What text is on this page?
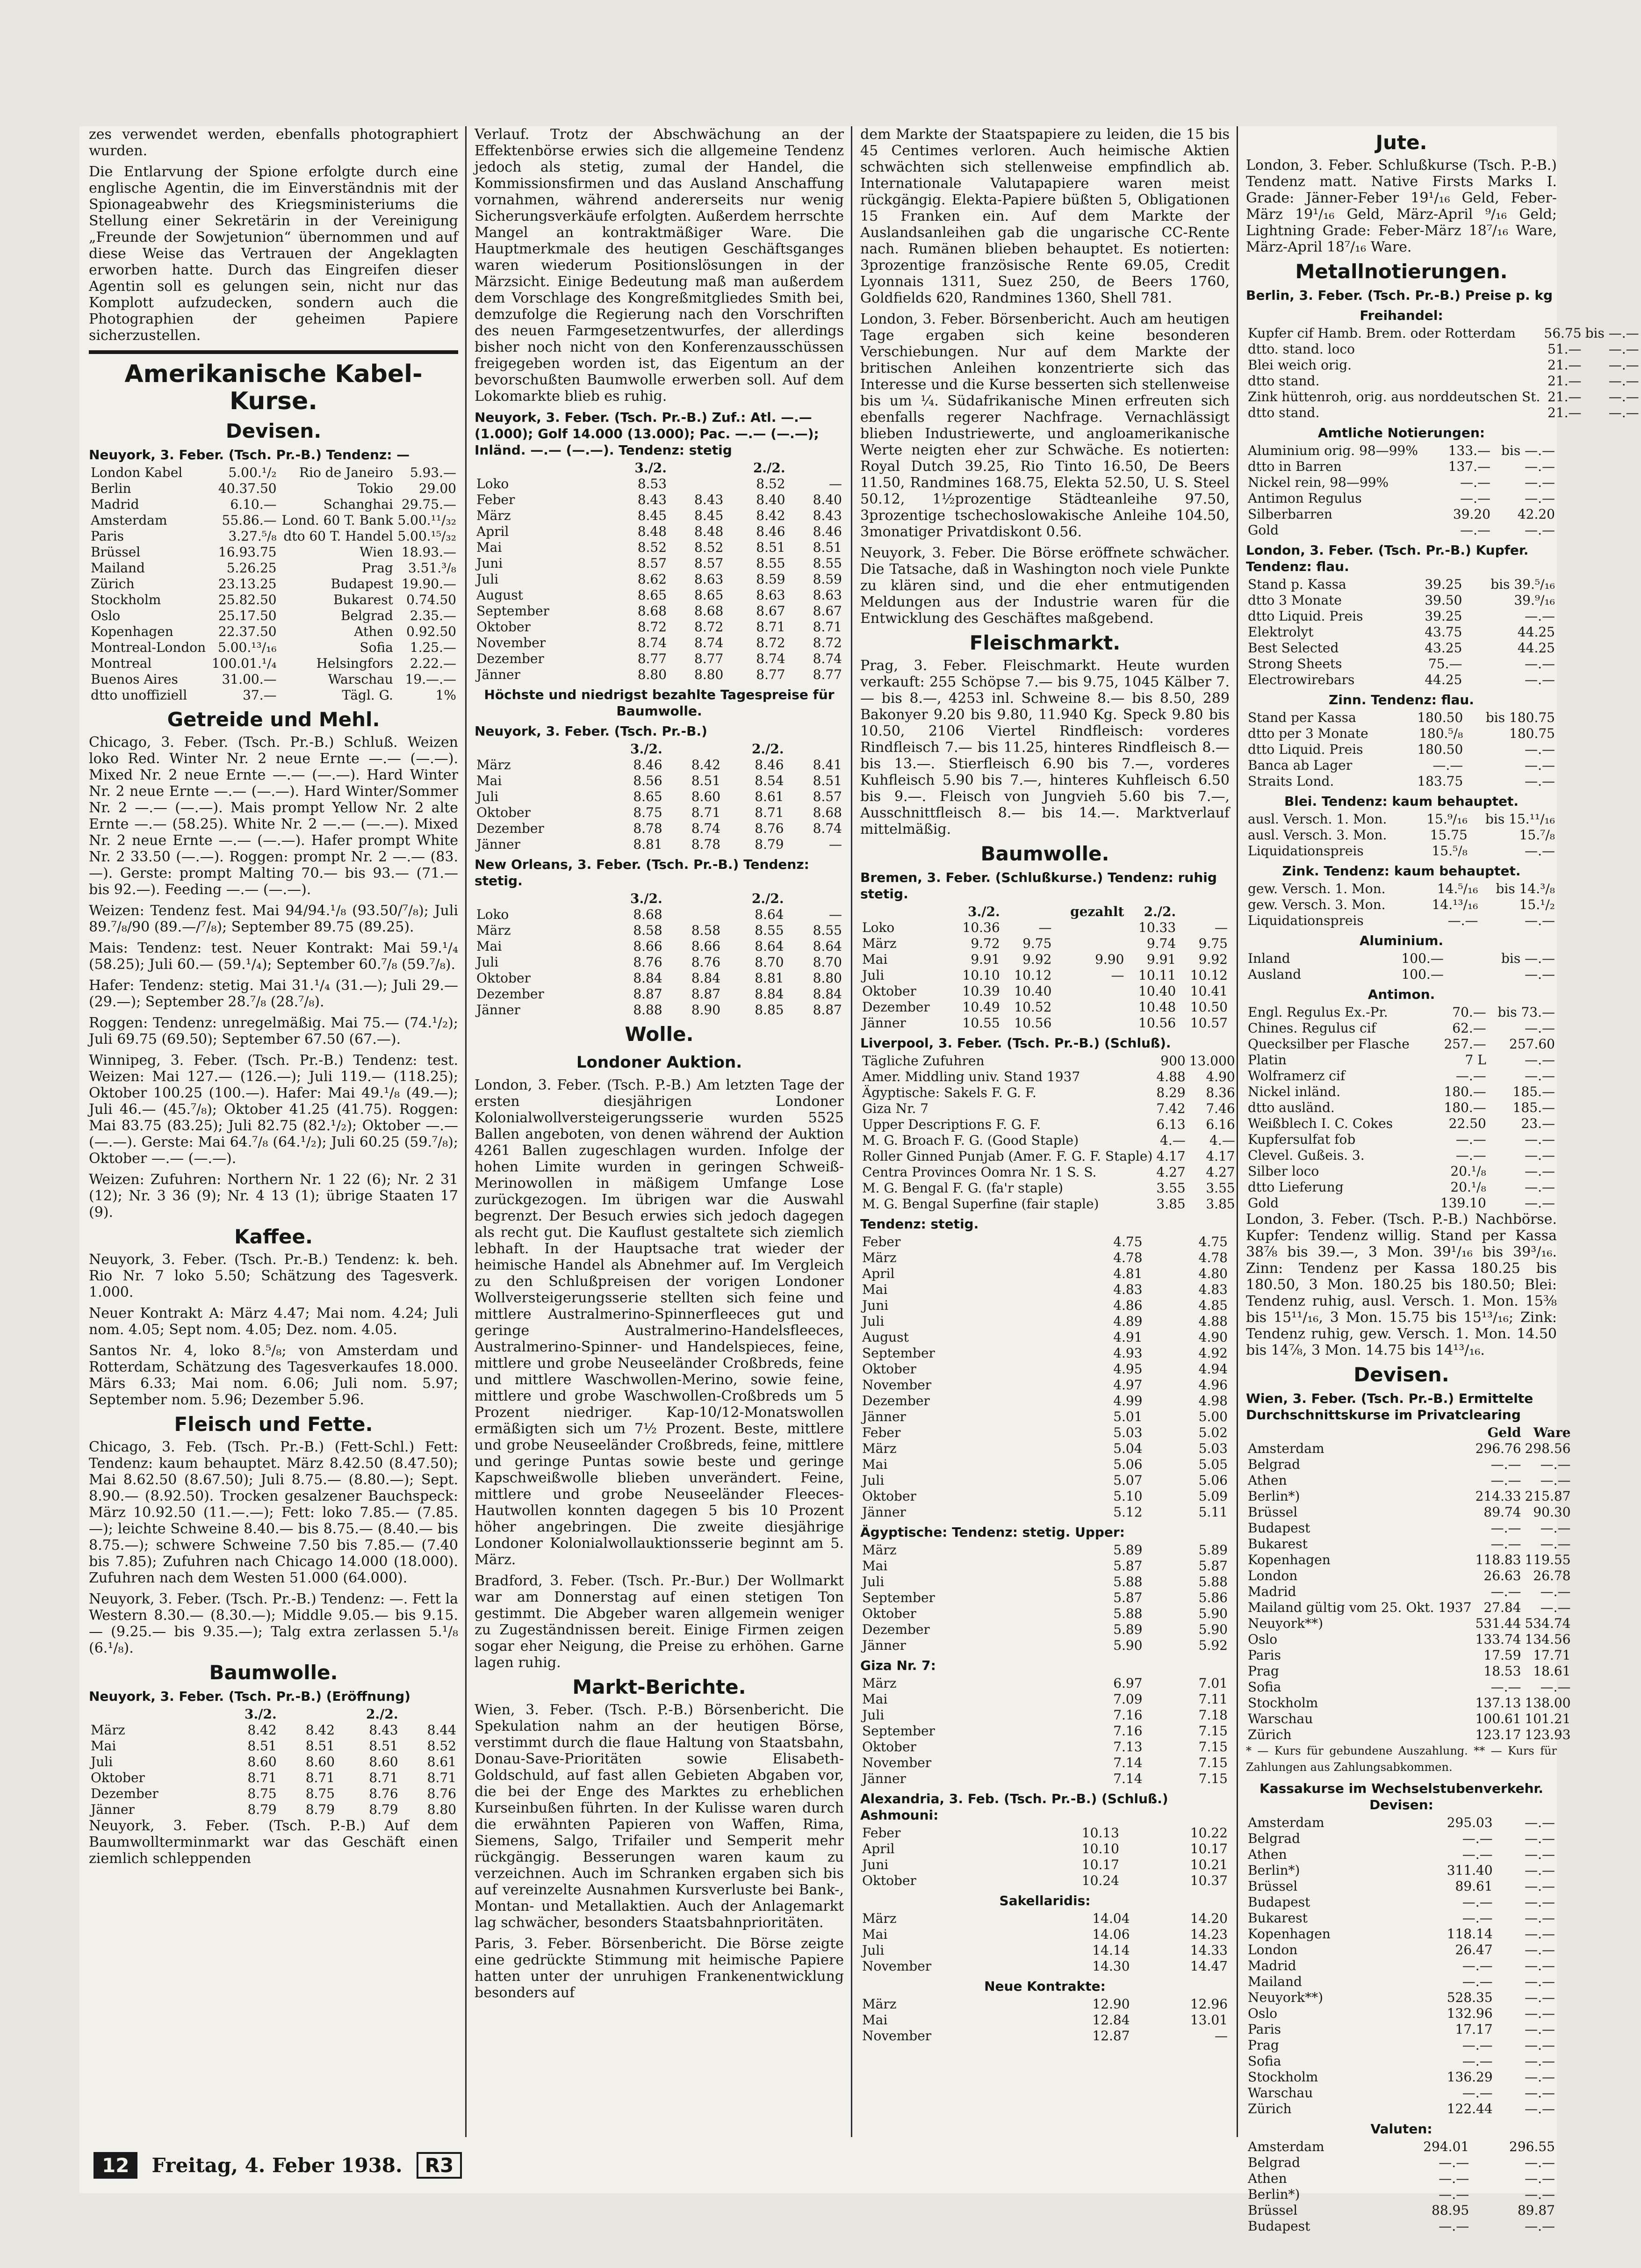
zes verwendet werden, ebenfalls photographiert wurden.

Die Entlarvung der Spione erfolgte durch eine englische Agentin, die im Einverständnis mit der Spionageabwehr des Kriegsministeriums die Stellung einer Sekretärin in der Vereinigung „Freunde der Sowjetunion“ übernommen und auf diese Weise das Vertrauen der Angeklagten erworben hatte. Durch das Eingreifen dieser Agentin soll es gelungen sein, nicht nur das Komplott aufzudecken, sondern auch die Photographien der geheimen Papiere sicherzustellen.

Amerikanische Kabel-Kurse.
Devisen.
Neuyork, 3. Feber. (Tsch. Pr.-B.) Tendenz: —
London Kabel	5.00.¹/₂	Rio de Janeiro	5.93.—
Berlin	40.37.50	Tokio	29.00
Madrid	6.10.—	Schanghai	29.75.—
Amsterdam	55.86.—	Lond. 60 T. Bank	5.00.¹¹/₃₂
Paris	3.27.⁵/₈	dto 60 T. Handel	5.00.¹⁵/₃₂
Brüssel	16.93.75	Wien	18.93.—
Mailand	5.26.25	Prag	3.51.³/₈
Zürich	23.13.25	Budapest	19.90.—
Stockholm	25.82.50	Bukarest	0.74.50
Oslo	25.17.50	Belgrad	2.35.—
Kopenhagen	22.37.50	Athen	0.92.50
Montreal-London	5.00.¹³/₁₆	Sofia	1.25.—
Montreal	100.01.¹/₄	Helsingfors	2.22.—
Buenos Aires	31.00.—	Warschau	19.—.—
dtto unoffiziell	37.—	Tägl. G.	1%
Getreide und Mehl.

Chicago, 3. Feber. (Tsch. Pr.-B.) Schluß. Weizen loko Red. Winter Nr. 2 neue Ernte —.— (—.—). Mixed Nr. 2 neue Ernte —.— (—.—). Hard Winter Nr. 2 neue Ernte —.— (—.—). Hard Winter/Sommer Nr. 2 —.— (—.—). Mais prompt Yellow Nr. 2 alte Ernte —.— (58.25). White Nr. 2 —.— (—.—). Mixed Nr. 2 neue Ernte —.— (—.—). Hafer prompt White Nr. 2 33.50 (—.—). Roggen: prompt Nr. 2 —.— (83.—). Gerste: prompt Malting 70.— bis 93.— (71.— bis 92.—). Feeding —.— (—.—).

Weizen: Tendenz fest. Mai 94/94.¹/₈ (93.50/⁷/₈); Juli 89.⁷/₈/90 (89.—/⁷/₈); September 89.75 (89.25).

Mais: Tendenz: test. Neuer Kontrakt: Mai 59.¹/₄ (58.25); Juli 60.— (59.¹/₄); September 60.⁷/₈ (59.⁷/₈).

Hafer: Tendenz: stetig. Mai 31.¹/₄ (31.—); Juli 29.— (29.—); September 28.⁷/₈ (28.⁷/₈).

Roggen: Tendenz: unregelmäßig. Mai 75.— (74.¹/₂); Juli 69.75 (69.50); September 67.50 (67.—).

Winnipeg, 3. Feber. (Tsch. Pr.-B.) Tendenz: test. Weizen: Mai 127.— (126.—); Juli 119.— (118.25); Oktober 100.25 (100.—). Hafer: Mai 49.¹/₈ (49.—); Juli 46.— (45.⁷/₈); Oktober 41.25 (41.75). Roggen: Mai 83.75 (83.25); Juli 82.75 (82.¹/₂); Oktober —.— (—.—). Gerste: Mai 64.⁷/₈ (64.¹/₂); Juli 60.25 (59.⁷/₈); Oktober —.— (—.—).

Weizen: Zufuhren: Northern Nr. 1 22 (6); Nr. 2 31 (12); Nr. 3 36 (9); Nr. 4 13 (1); übrige Staaten 17 (9).

Kaffee.

Neuyork, 3. Feber. (Tsch. Pr.-B.) Tendenz: k. beh. Rio Nr. 7 loko 5.50; Schätzung des Tagesverk. 1.000.

Neuer Kontrakt A: März 4.47; Mai nom. 4.24; Juli nom. 4.05; Sept nom. 4.05; Dez. nom. 4.05.

Santos Nr. 4, loko 8.⁵/₈; von Amsterdam und Rotterdam, Schätzung des Tagesverkaufes 18.000. Märs 6.33; Mai nom. 6.06; Juli nom. 5.97; September nom. 5.96; Dezember 5.96.

Fleisch und Fette.

Chicago, 3. Feb. (Tsch. Pr.-B.) (Fett-Schl.) Fett: Tendenz: kaum behauptet. März 8.42.50 (8.47.50); Mai 8.62.50 (8.67.50); Juli 8.75.— (8.80.—); Sept. 8.90.— (8.92.50). Trocken gesalzener Bauchspeck: März 10.92.50 (11.—.—); Fett: loko 7.85.— (7.85.—); leichte Schweine 8.40.— bis 8.75.— (8.40.— bis 8.75.—); schwere Schweine 7.50 bis 7.85.— (7.40 bis 7.85); Zufuhren nach Chicago 14.000 (18.000). Zufuhren nach dem Westen 51.000 (64.000).

Neuyork, 3. Feber. (Tsch. Pr.-B.) Tendenz: —. Fett la Western 8.30.— (8.30.—); Middle 9.05.— bis 9.15.— (9.25.— bis 9.35.—); Talg extra zerlassen 5.¹/₈ (6.¹/₈).

Baumwolle.
Neuyork, 3. Feber. (Tsch. Pr.-B.) (Eröffnung)
	3./2.		2./2.	
März	8.42	8.42	8.43	8.44
Mai	8.51	8.51	8.51	8.52
Juli	8.60	8.60	8.60	8.61
Oktober	8.71	8.71	8.71	8.71
Dezember	8.75	8.75	8.76	8.76
Jänner	8.79	8.79	8.79	8.80

Neuyork, 3. Feber. (Tsch. P.-B.) Auf dem Baumwollterminmarkt war das Geschäft einen ziemlich schleppenden

Verlauf. Trotz der Abschwächung an der Effektenbörse erwies sich die allgemeine Tendenz jedoch als stetig, zumal der Handel, die Kommissionsfirmen und das Ausland Anschaffung vornahmen, während andererseits nur wenig Sicherungsverkäufe erfolgten. Außerdem herrschte Mangel an kontraktmäßiger Ware. Die Hauptmerkmale des heutigen Geschäftsganges waren wiederum Positionslösungen in der Märzsicht. Einige Bedeutung maß man außerdem dem Vorschlage des Kongreßmitgliedes Smith bei, demzufolge die Regierung nach den Vorschriften des neuen Farmgesetzentwurfes, der allerdings bisher noch nicht von den Konferenzausschüssen freigegeben worden ist, das Eigentum an der bevorschußten Baumwolle erwerben soll. Auf dem Lokomarkte blieb es ruhig.

Neuyork, 3. Feber. (Tsch. Pr.-B.) Zuf.: Atl. —.— (1.000); Golf 14.000 (13.000); Pac. —.— (—.—); Inländ. —.— (—.—). Tendenz: stetig
	3./2.		2./2.	
Loko	8.53		8.52	—
Feber	8.43	8.43	8.40	8.40
März	8.45	8.45	8.42	8.43
April	8.48	8.48	8.46	8.46
Mai	8.52	8.52	8.51	8.51
Juni	8.57	8.57	8.55	8.55
Juli	8.62	8.63	8.59	8.59
August	8.65	8.65	8.63	8.63
September	8.68	8.68	8.67	8.67
Oktober	8.72	8.72	8.71	8.71
November	8.74	8.74	8.72	8.72
Dezember	8.77	8.77	8.74	8.74
Jänner	8.80	8.80	8.77	8.77
Höchste und niedrigst bezahlte Tagespreise für Baumwolle.
Neuyork, 3. Feber. (Tsch. Pr.-B.)
	3./2.		2./2.	
März	8.46	8.42	8.46	8.41
Mai	8.56	8.51	8.54	8.51
Juli	8.65	8.60	8.61	8.57
Oktober	8.75	8.71	8.71	8.68
Dezember	8.78	8.74	8.76	8.74
Jänner	8.81	8.78	8.79	—
New Orleans, 3. Feber. (Tsch. Pr.-B.) Tendenz: stetig.
	3./2.		2./2.	
Loko	8.68		8.64	—
März	8.58	8.58	8.55	8.55
Mai	8.66	8.66	8.64	8.64
Juli	8.76	8.76	8.70	8.70
Oktober	8.84	8.84	8.81	8.80
Dezember	8.87	8.87	8.84	8.84
Jänner	8.88	8.90	8.85	8.87
Wolle.
Londoner Auktion.

London, 3. Feber. (Tsch. P.-B.) Am letzten Tage der ersten diesjährigen Londoner Kolonialwollversteigerungsserie wurden 5525 Ballen angeboten, von denen während der Auktion 4261 Ballen zugeschlagen wurden. Infolge der hohen Limite wurden in geringen Schweiß-Merinowollen in mäßigem Umfange Lose zurückgezogen. Im übrigen war die Auswahl begrenzt. Der Besuch erwies sich jedoch dagegen als recht gut. Die Kauflust gestaltete sich ziemlich lebhaft. In der Hauptsache trat wieder der heimische Handel als Abnehmer auf. Im Vergleich zu den Schlußpreisen der vorigen Londoner Wollversteigerungsserie stellten sich feine und mittlere Australmerino-Spinnerfleeces gut und geringe Australmerino-Handelsfleeces, Australmerino-Spinner- und Handelspieces, feine, mittlere und grobe Neuseeländer Croßbreds, feine und mittlere Waschwollen-Merino, sowie feine, mittlere und grobe Waschwollen-Croßbreds um 5 Prozent niedriger. Kap-10/12-Monatswollen ermäßigten sich um 7½ Prozent. Beste, mittlere und grobe Neuseeländer Croßbreds, feine, mittlere und geringe Puntas sowie beste und geringe Kapschweißwolle blieben unverändert. Feine, mittlere und grobe Neuseeländer Fleeces-Hautwollen konnten dagegen 5 bis 10 Prozent höher angebringen. Die zweite diesjährige Londoner Kolonialwollauktionsserie beginnt am 5. März.

Bradford, 3. Feber. (Tsch. Pr.-Bur.) Der Wollmarkt war am Donnerstag auf einen stetigen Ton gestimmt. Die Abgeber waren allgemein weniger zu Zugeständnissen bereit. Einige Firmen zeigen sogar eher Neigung, die Preise zu erhöhen. Garne lagen ruhig.

Markt-Berichte.

Wien, 3. Feber. (Tsch. P.-B.) Börsenbericht. Die Spekulation nahm an der heutigen Börse, verstimmt durch die flaue Haltung von Staatsbahn, Donau-Save-Prioritäten sowie Elisabeth-Goldschuld, auf fast allen Gebieten Abgaben vor, die bei der Enge des Marktes zu erheblichen Kurseinbußen führten. In der Kulisse waren durch die erwähnten Papieren von Waffen, Rima, Siemens, Salgo, Trifailer und Semperit mehr rückgängig. Besserungen waren kaum zu verzeichnen. Auch im Schranken ergaben sich bis auf vereinzelte Ausnahmen Kursverluste bei Bank-, Montan- und Metallaktien. Auch der Anlagemarkt lag schwächer, besonders Staatsbahnprioritäten.

Paris, 3. Feber. Börsenbericht. Die Börse zeigte eine gedrückte Stimmung mit heimische Papiere hatten unter der unruhigen Frankenentwicklung besonders auf

dem Markte der Staatspapiere zu leiden, die 15 bis 45 Centimes verloren. Auch heimische Aktien schwächten sich stellenweise empfindlich ab. Internationale Valutapapiere waren meist rückgängig. Elekta-Papiere büßten 5, Obligationen 15 Franken ein. Auf dem Markte der Auslandsanleihen gab die ungarische CC-Rente nach. Rumänen blieben behauptet. Es notierten: 3prozentige französische Rente 69.05, Credit Lyonnais 1311, Suez 250, de Beers 1760, Goldfields 620, Randmines 1360, Shell 781.

London, 3. Feber. Börsenbericht. Auch am heutigen Tage ergaben sich keine besonderen Verschiebungen. Nur auf dem Markte der britischen Anleihen konzentrierte sich das Interesse und die Kurse besserten sich stellenweise bis um ¼. Südafrikanische Minen erfreuten sich ebenfalls regerer Nachfrage. Vernachlässigt blieben Industriewerte, und angloamerikanische Werte neigten eher zur Schwäche. Es notierten: Royal Dutch 39.25, Rio Tinto 16.50, De Beers 11.50, Randmines 168.75, Elekta 52.50, U. S. Steel 50.12, 1½prozentige Städteanleihe 97.50, 3prozentige tschechoslowakische Anleihe 104.50, 3monatiger Privatdiskont 0.56.

Neuyork, 3. Feber. Die Börse eröffnete schwächer. Die Tatsache, daß in Washington noch viele Punkte zu klären sind, und die eher entmutigenden Meldungen aus der Industrie waren für die Entwicklung des Geschäftes maßgebend.

Fleischmarkt.

Prag, 3. Feber. Fleischmarkt. Heute wurden verkauft: 255 Schöpse 7.— bis 9.75, 1045 Kälber 7.— bis 8.—, 4253 inl. Schweine 8.— bis 8.50, 289 Bakonyer 9.20 bis 9.80, 11.940 Kg. Speck 9.80 bis 10.50, 2106 Viertel Rindfleisch: vorderes Rindfleisch 7.— bis 11.25, hinteres Rindfleisch 8.— bis 13.—. Stierfleisch 6.90 bis 7.—, vorderes Kuhfleisch 5.90 bis 7.—, hinteres Kuhfleisch 6.50 bis 9.—. Fleisch von Jungvieh 5.60 bis 7.—, Ausschnittfleisch 8.— bis 14.—. Marktverlauf mittelmäßig.

Baumwolle.
Bremen, 3. Feber. (Schlußkurse.) Tendenz: ruhig stetig.
	3./2.		gezahlt	2./2.	
Loko	10.36	—		10.33	—
März	9.72	9.75		9.74	9.75
Mai	9.91	9.92	9.90	9.91	9.92
Juli	10.10	10.12	—	10.11	10.12
Oktober	10.39	10.40		10.40	10.41
Dezember	10.49	10.52		10.48	10.50
Jänner	10.55	10.56		10.56	10.57
Liverpool, 3. Feber. (Tsch. Pr.-B.) (Schluß).
Tägliche Zufuhren	900	13.000
Amer. Middling univ. Stand 1937	4.88	4.90
Ägyptische: Sakels F. G. F.	8.29	8.36
Giza Nr. 7	7.42	7.46
Upper Descriptions F. G. F.	6.13	6.16
M. G. Broach F. G. (Good Staple)	4.—	4.—
Roller Ginned Punjab (Amer. F. G. F. Staple)	4.17	4.17
Centra Provinces Oomra Nr. 1 S. S.	4.27	4.27
M. G. Bengal F. G. (fa'r staple)	3.55	3.55
M. G. Bengal Superfine (fair staple)	3.85	3.85
Tendenz: stetig.
Feber	4.75	4.75
März	4.78	4.78
April	4.81	4.80
Mai	4.83	4.83
Juni	4.86	4.85
Juli	4.89	4.88
August	4.91	4.90
September	4.93	4.92
Oktober	4.95	4.94
November	4.97	4.96
Dezember	4.99	4.98
Jänner	5.01	5.00
Feber	5.03	5.02
März	5.04	5.03
Mai	5.06	5.05
Juli	5.07	5.06
Oktober	5.10	5.09
Jänner	5.12	5.11
Ägyptische: Tendenz: stetig. Upper:
März	5.89	5.89
Mai	5.87	5.87
Juli	5.88	5.88
September	5.87	5.86
Oktober	5.88	5.90
Dezember	5.89	5.90
Jänner	5.90	5.92
Giza Nr. 7:
März	6.97	7.01
Mai	7.09	7.11
Juli	7.16	7.18
September	7.16	7.15
Oktober	7.13	7.15
November	7.14	7.15
Jänner	7.14	7.15
Alexandria, 3. Feb. (Tsch. Pr.-B.) (Schluß.) Ashmouni:
Feber	10.13	10.22
April	10.10	10.17
Juni	10.17	10.21
Oktober	10.24	10.37
Sakellaridis:
März	14.04	14.20
Mai	14.06	14.23
Juli	14.14	14.33
November	14.30	14.47
Neue Kontrakte:
März	12.90	12.96
Mai	12.84	13.01
November	12.87	—
Jute.

London, 3. Feber. Schlußkurse (Tsch. P.-B.) Tendenz matt. Native Firsts Marks I. Grade: Jänner-Feber 19¹/₁₆ Geld, Feber-März 19¹/₁₆ Geld, März-April ⁹/₁₆ Geld; Lightning Grade: Feber-März 18⁷/₁₆ Ware, März-April 18⁷/₁₆ Ware.

Metallnotierungen.
Berlin, 3. Feber. (Tsch. Pr.-B.) Preise p. kg
Freihandel:
Kupfer cif Hamb. Brem. oder Rotterdam	56.75	bis —.—
dtto. stand. loco	51.—	—.—
Blei weich orig.	21.—	—.—
dtto stand.	21.—	—.—
Zink hüttenroh, orig. aus norddeutschen St.	21.—	—.—
dtto stand.	21.—	—.—
Amtliche Notierungen:
Aluminium orig. 98—99%	133.—	bis —.—
dtto in Barren	137.—	—.—
Nickel rein, 98—99%	—.—	—.—
Antimon Regulus	—.—	—.—
Silberbarren	39.20	42.20
Gold	—.—	—.—
London, 3. Feber. (Tsch. Pr.-B.) Kupfer. Tendenz: flau.
Stand p. Kassa	39.25	bis 39.⁵/₁₆
dtto 3 Monate	39.50	39.⁹/₁₆
dtto Liquid. Preis	39.25	—.—
Elektrolyt	43.75	44.25
Best Selected	43.25	44.25
Strong Sheets	75.—	—.—
Electrowirebars	44.25	—.—
Zinn. Tendenz: flau.
Stand per Kassa	180.50	bis 180.75
dtto per 3 Monate	180.⁵/₈	180.75
dtto Liquid. Preis	180.50	—.—
Banca ab Lager	—.—	—.—
Straits Lond.	183.75	—.—
Blei. Tendenz: kaum behauptet.
ausl. Versch. 1. Mon.	15.⁹/₁₆	bis 15.¹¹/₁₆
ausl. Versch. 3. Mon.	15.75	15.⁷/₈
Liquidationspreis	15.⁵/₈	—.—
Zink. Tendenz: kaum behauptet.
gew. Versch. 1. Mon.	14.⁵/₁₆	bis 14.³/₈
gew. Versch. 3. Mon.	14.¹³/₁₆	15.¹/₂
Liquidationspreis	—.—	—.—
Aluminium.
Inland	100.—	bis —.—
Ausland	100.—	—.—
Antimon.
Engl. Regulus Ex.-Pr.	70.—	bis 73.—
Chines. Regulus cif	62.—	—.—
Quecksilber per Flasche	257.—	257.60
Platin	7 L	—.—
Wolframerz cif	—.—	—.—
Nickel inländ.	180.—	185.—
dtto ausländ.	180.—	185.—
Weißblech I. C. Cokes	22.50	23.—
Kupfersulfat fob	—.—	—.—
Clevel. Gußeis. 3.	—.—	—.—
Silber loco	20.¹/₈	—.—
dtto Lieferung	20.¹/₈	—.—
Gold	139.10	—.—

London, 3. Feber. (Tsch. P.-B.) Nachbörse. Kupfer: Tendenz willig. Stand per Kassa 38⅞ bis 39.—, 3 Mon. 39¹/₁₆ bis 39³/₁₆. Zinn: Tendenz per Kassa 180.25 bis 180.50, 3 Mon. 180.25 bis 180.50; Blei: Tendenz ruhig, ausl. Versch. 1. Mon. 15⅜ bis 15¹¹/₁₆, 3 Mon. 15.75 bis 15¹³/₁₆; Zink: Tendenz ruhig, gew. Versch. 1. Mon. 14.50 bis 14⅞, 3 Mon. 14.75 bis 14¹³/₁₆.

Devisen.
Wien, 3. Feber. (Tsch. Pr.-B.) Ermittelte Durchschnittskurse im Privatclearing
	Geld	Ware
Amsterdam	296.76	298.56
Belgrad	—.—	—.—
Athen	—.—	—.—
Berlin*)	214.33	215.87
Brüssel	89.74	90.30
Budapest	—.—	—.—
Bukarest	—.—	—.—
Kopenhagen	118.83	119.55
London	26.63	26.78
Madrid	—.—	—.—
Mailand gültig vom 25. Okt. 1937	27.84	—.—
Neuyork**)	531.44	534.74
Oslo	133.74	134.56
Paris	17.59	17.71
Prag	18.53	18.61
Sofia	—.—	—.—
Stockholm	137.13	138.00
Warschau	100.61	101.21
Zürich	123.17	123.93

* — Kurs für gebundene Auszahlung. ** — Kurs für Zahlungen aus Zahlungsabkommen.

Kassakurse im Wechselstubenverkehr. Devisen:
Amsterdam	295.03	—.—
Belgrad	—.—	—.—
Athen	—.—	—.—
Berlin*)	311.40	—.—
Brüssel	89.61	—.—
Budapest	—.—	—.—
Bukarest	—.—	—.—
Kopenhagen	118.14	—.—
London	26.47	—.—
Madrid	—.—	—.—
Mailand	—.—	—.—
Neuyork**)	528.35	—.—
Oslo	132.96	—.—
Paris	17.17	—.—
Prag	—.—	—.—
Sofia	—.—	—.—
Stockholm	136.29	—.—
Warschau	—.—	—.—
Zürich	122.44	—.—
Valuten:
Amsterdam	294.01	296.55
Belgrad	—.—	—.—
Athen	—.—	—.—
Berlin*)	—.—	—.—
Brüssel	88.95	89.87
Budapest	—.—	—.—
12	Freitag, 4. Feber 1938.	R3
